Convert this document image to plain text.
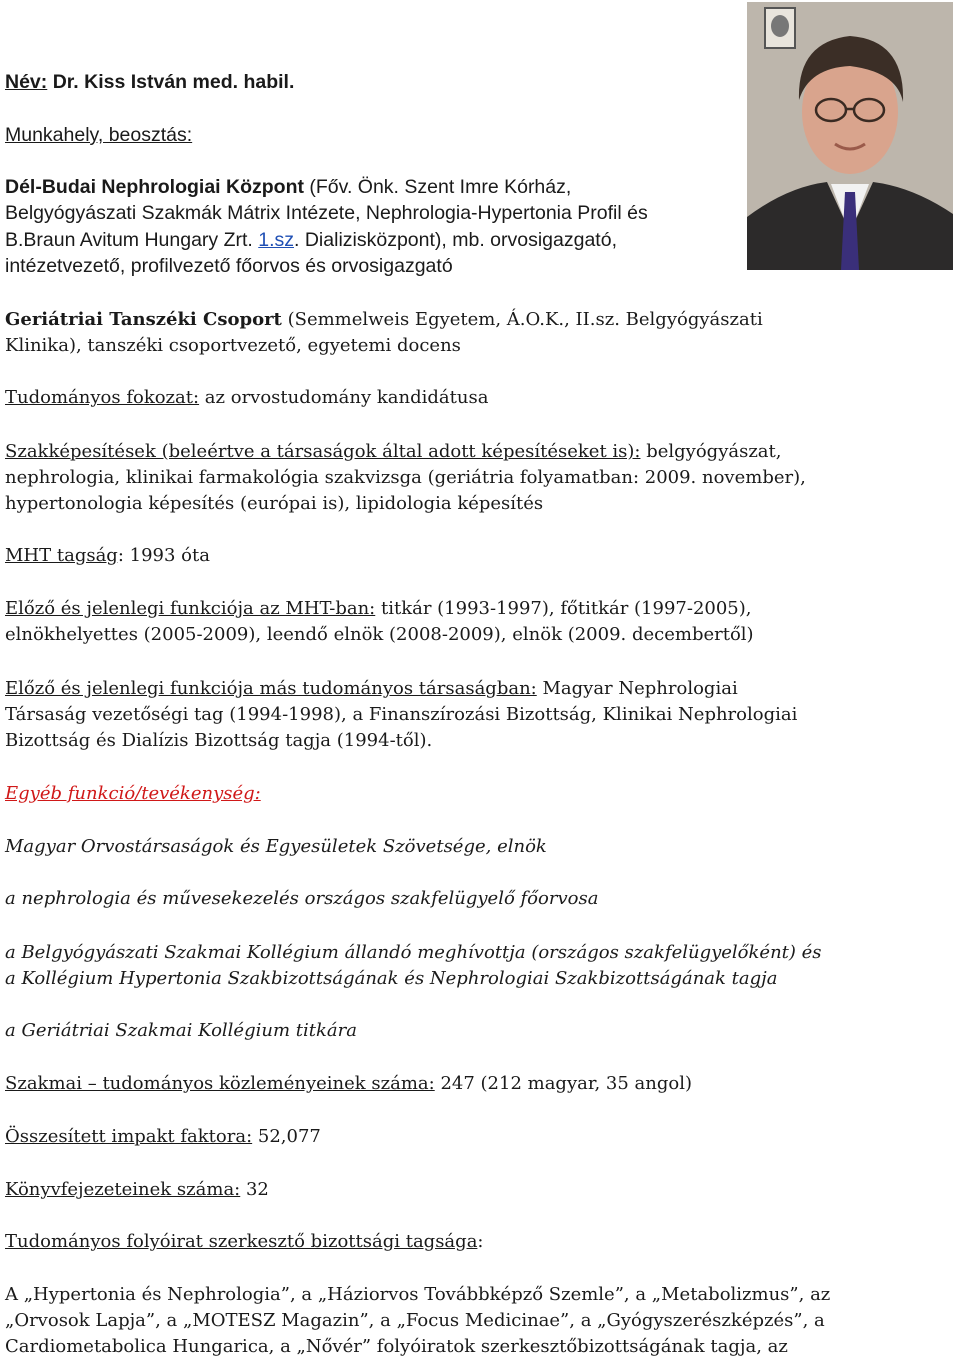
Név: Dr. Kiss István med. habil.

Munkahely, beosztás:

Dél-Budai Nephrologiai Központ (Főv. Önk. Szent Imre Kórház,

Belgyógyászati Szakmák Mátrix Intézete, Nephrologia-Hypertonia Profil és

B.Braun Avitum Hungary Zrt. 1.sz. Dializisközpont), mb. orvosigazgató,

intézetvezető, profilvezető főorvos és orvosigazgató

Geriátriai Tanszéki Csoport (Semmelweis Egyetem, Á.O.K., II.sz. Belgyógyászati

Klinika), tanszéki csoportvezető, egyetemi docens

Tudományos fokozat: az orvostudomány kandidátusa

Szakképesítések (beleértve a társaságok által adott képesítéseket is): belgyógyászat,

nephrologia, klinikai farmakológia szakvizsga (geriátria folyamatban: 2009. november),

hypertonologia képesítés (európai is), lipidologia képesítés

MHT tagság: 1993 óta

Előző és jelenlegi funkciója az MHT-ban: titkár (1993-1997), főtitkár (1997-2005),

elnökhelyettes (2005-2009), leendő elnök (2008-2009), elnök (2009. decembertől)

Előző és jelenlegi funkciója más tudományos társaságban: Magyar Nephrologiai

Társaság vezetőségi tag (1994-1998), a Finanszírozási Bizottság, Klinikai Nephrologiai

Bizottság és Dialízis Bizottság tagja (1994-től).

Egyéb funkció/tevékenység:

Magyar Orvostársaságok és Egyesületek Szövetsége, elnök

a nephrologia és művesekezelés országos szakfelügyelő főorvosa

a Belgyógyászati Szakmai Kollégium állandó meghívottja (országos szakfelügyelőként) és

a Kollégium Hypertonia Szakbizottságának és Nephrologiai Szakbizottságának tagja

a Geriátriai Szakmai Kollégium titkára

Szakmai – tudományos közleményeinek száma: 247 (212 magyar, 35 angol)

Összesített impakt faktora: 52,077

Könyvfejezeteinek száma: 32

Tudományos folyóirat szerkesztő bizottsági tagsága:

A „Hypertonia és Nephrologia”, a „Háziorvos Továbbképző Szemle”, a „Metabolizmus”, az

„Orvosok Lapja”, a „MOTESZ Magazin”, a „Focus Medicinae”, a „Gyógyszerészképzés”, a

Cardiometabolica Hungarica, a „Nővér” folyóiratok szerkesztőbizottságának tagja, az
